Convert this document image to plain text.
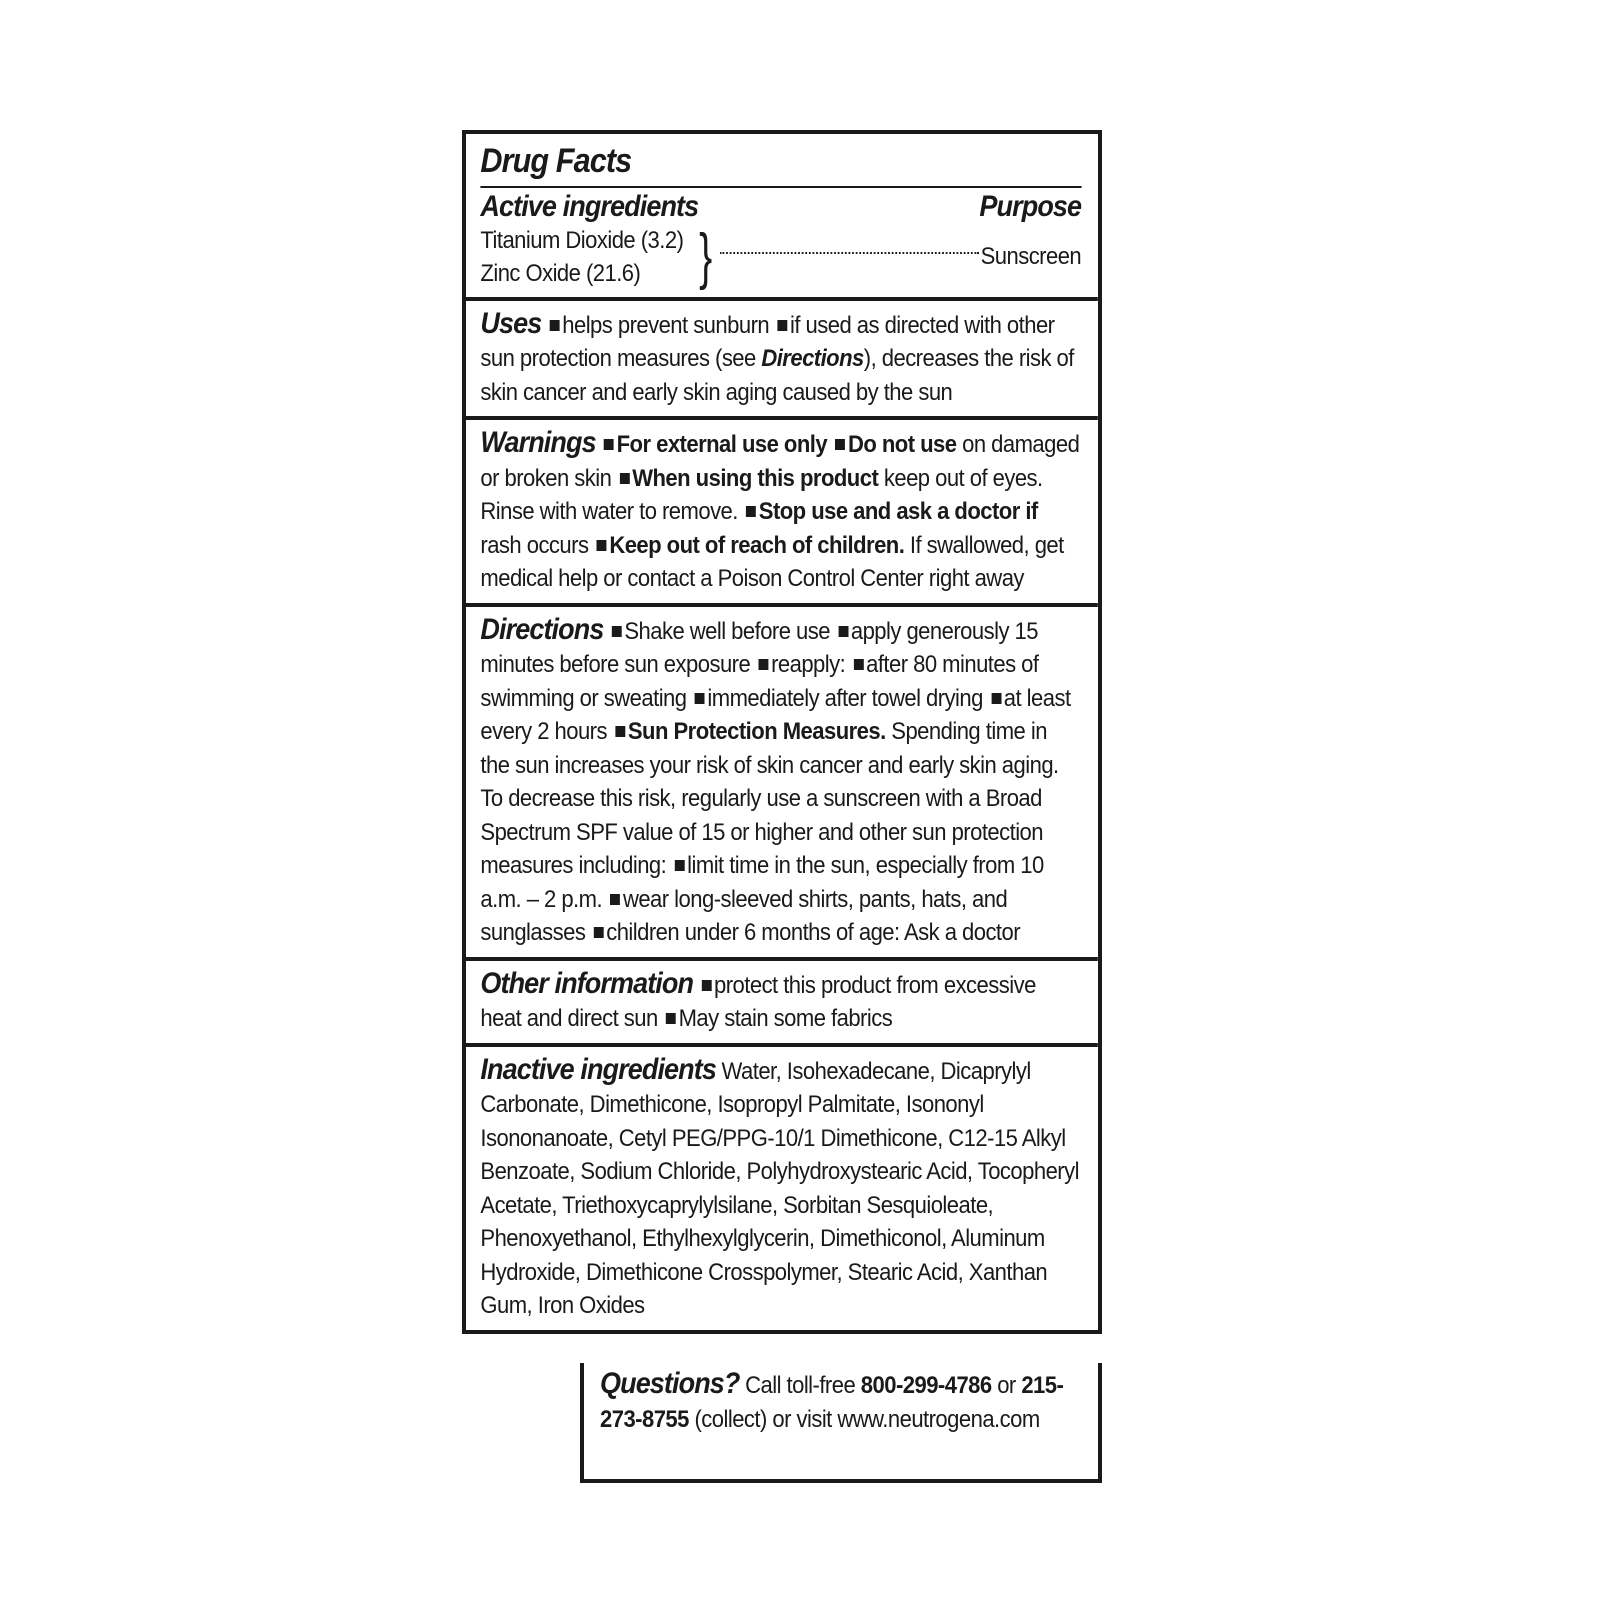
Drug Facts
Active ingredients	Purpose
Titanium Dioxide (3.2)
Zinc Oxide (21.6) }	Sunscreen
Uses helps prevent sunburn if used as directed with other sun protection measures (see Directions), decreases the risk of skin cancer and early skin aging caused by the sun
Warnings For external use only Do not use on damaged or broken skin When using this product keep out of eyes. Rinse with water to remove. Stop use and ask a doctor if rash occurs Keep out of reach of children. If swallowed, get medical help or contact a Poison Control Center right away
Directions Shake well before use apply generously 15 minutes before sun exposure reapply: after 80 minutes of swimming or sweating immediately after towel drying at least every 2 hours Sun Protection Measures. Spending time in the sun increases your risk of skin cancer and early skin aging. To decrease this risk, regularly use a sunscreen with a Broad Spectrum SPF value of 15 or higher and other sun protection measures including: limit time in the sun, especially from 10 a.m. – 2 p.m. wear long-sleeved shirts, pants, hats, and sunglasses children under 6 months of age: Ask a doctor
Other information protect this product from excessive heat and direct sun May stain some fabrics
Inactive ingredients Water, Isohexadecane, Dicaprylyl Carbonate, Dimethicone, Isopropyl Palmitate, Isononyl Isononanoate, Cetyl PEG/PPG-10/1 Dimethicone, C12-15 Alkyl Benzoate, Sodium Chloride, Polyhydroxystearic Acid, Tocopheryl Acetate, Triethoxycaprylylsilane, Sorbitan Sesquioleate, Phenoxyethanol, Ethylhexylglycerin, Dimethiconol, Aluminum Hydroxide, Dimethicone Crosspolymer, Stearic Acid, Xanthan Gum, Iron Oxides
Questions? Call toll-free 800-299-4786 or 215-273-8755 (collect) or visit www.neutrogena.com
